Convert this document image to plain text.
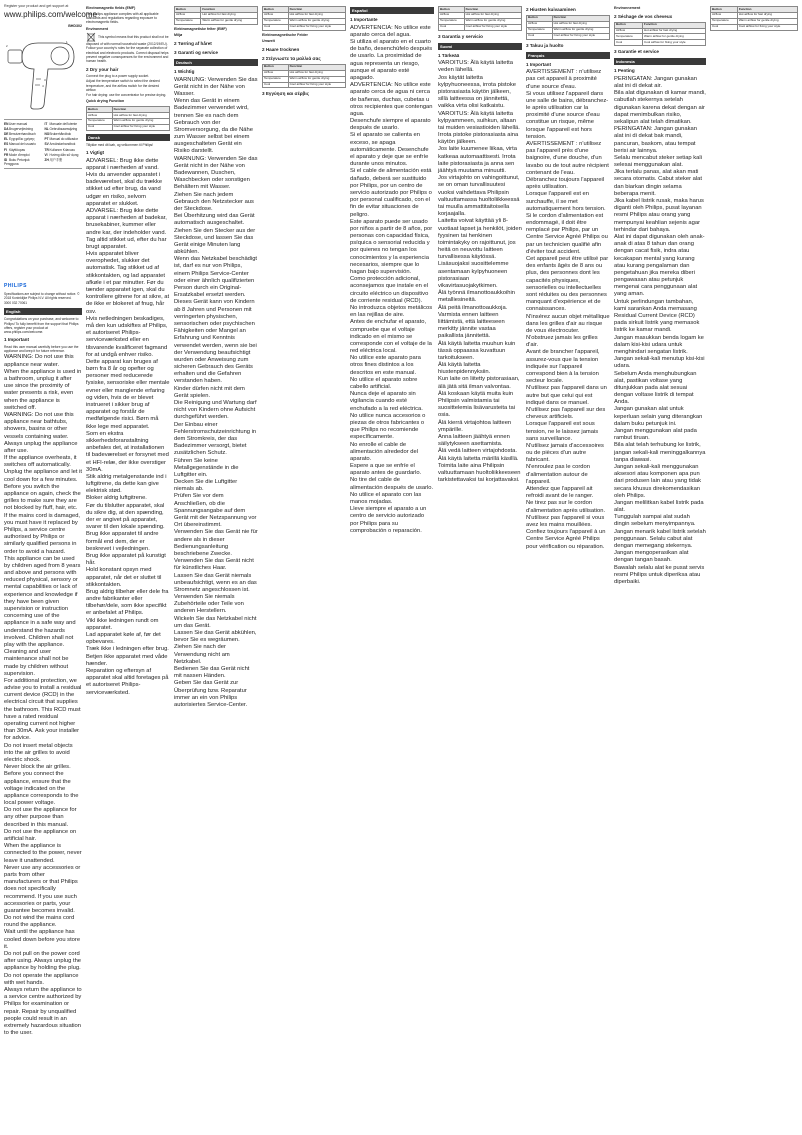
Register your product and get support at
www.philips.com/welcome
BHD302
1
2
3
4
ENUser manual	IT Manuale dell'utente
DABrugervejledning	NLGebruiksaanwijzing
DEBenutzerhandbuch	NOBrukerhåndbok
ELΕγχειρίδιο χρήσης	PTManual do utilizador
ESManual del usuario	SVAnvändarhandbok
FI Käyttöopas	TRKullanım Kılavuzu
FRMode d'emploi	VI Hướng dẫn sử dụng
ID Buku Petunjuk Pengguna
ZH用户手册
PHILIPS

Specifications are subject to change without notice. © 2018 Koninklijke Philips N.V. All rights reserved.

3000 032 70061

English

Congratulations on your purchase, and welcome to Philips! To fully benefit from the support that Philips offers, register your product at www.philips.com/welcome.

1 Important

Read this user manual carefully before you use the appliance and keep it for future reference.

WARNING: Do not use this appliance near water.

When the appliance is used in a bathroom, unplug it after use since the proximity of water presents a risk, even when the appliance is switched off.

WARNING: Do not use this appliance near bathtubs, showers, basins or other vessels containing water.

Always unplug the appliance after use.

If the appliance overheats, it switches off automatically. Unplug the appliance and let it cool down for a few minutes. Before you switch the appliance on again, check the grilles to make sure they are not blocked by fluff, hair, etc.

If the mains cord is damaged, you must have it replaced by Philips, a service centre authorised by Philips or similarly qualified persons in order to avoid a hazard.

This appliance can be used by children aged from 8 years and above and persons with reduced physical, sensory or mental capabilities or lack of experience and knowledge if they have been given supervision or instruction concerning use of the appliance in a safe way and understand the hazards involved. Children shall not play with the appliance. Cleaning and user maintenance shall not be made by children without supervision.

For additional protection, we advise you to install a residual current device (RCD) in the electrical circuit that supplies the bathroom. This RCD must have a rated residual operating current not higher than 30mA. Ask your installer for advice.

Do not insert metal objects into the air grilles to avoid electric shock.

Never block the air grilles.

Before you connect the appliance, ensure that the voltage indicated on the appliance corresponds to the local power voltage.

Do not use the appliance for any other purpose than described in this manual.

Do not use the appliance on artificial hair.

When the appliance is connected to the power, never leave it unattended.

Never use any accessories or parts from other manufacturers or that Philips does not specifically recommend. If you use such accessories or parts, your guarantee becomes invalid.

Do not wind the mains cord round the appliance.

Wait until the appliance has cooled down before you store it.

Do not pull on the power cord after using. Always unplug the appliance by holding the plug.

Do not operate the appliance with wet hands.

Always return the appliance to a service centre authorized by Philips for examination or repair. Repair by unqualified people could result in an extremely hazardous situation to the user.

Electromagnetic fields (EMF)

This Philips appliance complies with all applicable standards and regulations regarding exposure to electromagnetic fields.

Environment

This symbol means that this product shall not be disposed of with normal household waste (2012/19/EU). Follow your country's rules for the separate collection of electrical and electronic products. Correct disposal helps prevent negative consequences for the environment and human health.

2 Dry your hair

Connect the plug to a power supply socket.

Adjust the temperature switch to select the desired temperature, and the airflow switch for the desired airflow.

For hair drying: use the concentrator for precise drying.

Quick drying Function
Button	Function
Airflow	Hot airflow for fast drying
Temperature	Warm airflow for gentle drying
Cool	Cool airflow for fixing your style
Dansk

Tillykke med dit køb, og velkommen til Philips!

1 Vigtigt

ADVARSEL: Brug ikke dette apparat i nærheden af vand.

Hvis du anvender apparatet i badeværelset, skal du trække stikket ud efter brug, da vand udgør en risiko, selvom apparatet er slukket.

ADVARSEL: Brug ikke dette apparat i nærheden af badekar, brusekabiner, kummer eller andre kar, der indeholder vand.

Tag altid stikket ud, efter du har brugt apparatet.

Hvis apparatet bliver overophedet, slukker det automatisk. Tag stikket ud af stikkontakten, og lad apparatet afkøle i et par minutter. Før du tænder apparatet igen, skal du kontrollere gitrene for at sikre, at de ikke er blokeret af fnug, hår osv.

Hvis netledningen beskadiges, må den kun udskiftes af Philips, et autoriseret Philips-serviceværksted eller en tilsvarende kvalificeret fagmand for at undgå enhver risiko.

Dette apparat kan bruges af børn fra 8 år og opefter og personer med reducerede fysiske, sensoriske eller mentale evner eller manglende erfaring og viden, hvis de er blevet instrueret i sikker brug af apparatet og forstår de medfølgende risici. Børn må ikke lege med apparatet.

Som en ekstra sikkerhedsforanstaltning anbefales det, at installationen til badeværelset er forsynet med et HFI-relæ, der ikke overstiger 30mA.

Stik aldrig metalgenstande ind i luftgitrene, da dette kan give elektrisk stød.

Bloker aldrig luftgitrene.

Før du tilslutter apparatet, skal du sikre dig, at den spænding, der er angivet på apparatet, svarer til den lokale spænding.

Brug ikke apparatet til andre formål end dem, der er beskrevet i vejledningen.

Brug ikke apparatet på kunstigt hår.

Hold konstant opsyn med apparatet, når det er sluttet til stikkontakten.

Brug aldrig tilbehør eller dele fra andre fabrikanter eller tilbehør/dele, som ikke specifikt er anbefalet af Philips.

Vikl ikke ledningen rundt om apparatet.

Lad apparatet køle af, før det opbevares.

Træk ikke i ledningen efter brug.

Betjen ikke apparatet med våde hænder.

Reparation og eftersyn af apparatet skal altid foretages på et autoriseret Philips-serviceværksted.

Button	Function
Airflow	Hot airflow for fast drying
Temperature	Warm airflow for gentle drying
Elektromagnetiske felter (EMF)
Miljø
2 Tørring af håret
3 Garanti og service
Deutsch
1 Wichtig

WARNUNG: Verwenden Sie das Gerät nicht in der Nähe von Wasser.

Wenn das Gerät in einem Badezimmer verwendet wird, trennen Sie es nach dem Gebrauch von der Stromversorgung, da die Nähe zum Wasser selbst bei einem ausgeschalteten Gerät ein Risiko darstellt.

WARNUNG: Verwenden Sie das Gerät nicht in der Nähe von Badewannen, Duschen, Waschbecken oder sonstigen Behältern mit Wasser.

Ziehen Sie nach jedem Gebrauch den Netzstecker aus der Steckdose.

Bei Überhitzung wird das Gerät automatisch ausgeschaltet. Ziehen Sie den Stecker aus der Steckdose, und lassen Sie das Gerät einige Minuten lang abkühlen.

Wenn das Netzkabel beschädigt ist, darf es nur von Philips, einem Philips Service-Center oder einer ähnlich qualifizierten Person durch ein Original-Ersatzkabel ersetzt werden.

Dieses Gerät kann von Kindern ab 8 Jahren und Personen mit verringerten physischen, sensorischen oder psychischen Fähigkeiten oder Mangel an Erfahrung und Kenntnis verwendet werden, wenn sie bei der Verwendung beaufsichtigt wurden oder Anweisung zum sicheren Gebrauch des Geräts erhalten und die Gefahren verstanden haben.

Kinder dürfen nicht mit dem Gerät spielen.

Die Reinigung und Wartung darf nicht von Kindern ohne Aufsicht durchgeführt werden.

Der Einbau einer Fehlerstromschutzeinrichtung in dem Stromkreis, der das Badezimmer versorgt, bietet zusätzlichen Schutz.

Führen Sie keine Metallgegenstände in die Luftgitter ein.

Decken Sie die Luftgitter niemals ab.

Prüfen Sie vor dem Anschließen, ob die Spannungsangabe auf dem Gerät mit der Netzspannung vor Ort übereinstimmt.

Verwenden Sie das Gerät nie für andere als in dieser Bedienungsanleitung beschriebene Zwecke.

Verwenden Sie das Gerät nicht für künstliches Haar.

Lassen Sie das Gerät niemals unbeaufsichtigt, wenn es an das Stromnetz angeschlossen ist.

Verwenden Sie niemals Zubehörteile oder Teile von anderen Herstellern.

Wickeln Sie das Netzkabel nicht um das Gerät.

Lassen Sie das Gerät abkühlen, bevor Sie es wegräumen.

Ziehen Sie nach der Verwendung nicht am Netzkabel.

Bedienen Sie das Gerät nicht mit nassen Händen.

Geben Sie das Gerät zur Überprüfung bzw. Reparatur immer an ein von Philips autorisiertes Service-Center.

Button	Function
Airflow	Hot airflow for fast drying
Temperature	Warm airflow for gentle drying
Cool	Cool airflow for fixing your style
Elektromagnetische Felder
Umwelt
2 Haare trocknen
2 Στέγνωστε τα μαλλιά σας
Button	Function
Airflow	Hot airflow for fast drying
Temperature	Warm airflow for gentle drying
Cool	Cool airflow for fixing your style
3 Εγγύηση και σέρβις
Español
1 Importante

ADVERTENCIA: No utilice este aparato cerca del agua.

Si utiliza el aparato en el cuarto de baño, desenchúfelo después de usarlo. La proximidad de agua representa un riesgo, aunque el aparato esté apagado.

ADVERTENCIA: No utilice este aparato cerca de agua ni cerca de bañeras, duchas, cubetas u otros recipientes que contengan agua.

Desenchufe siempre el aparato después de usarlo.

Si el aparato se calienta en exceso, se apaga automáticamente. Desenchufe el aparato y deje que se enfríe durante unos minutos.

Si el cable de alimentación está dañado, deberá ser sustituido por Philips, por un centro de servicio autorizado por Philips o por personal cualificado, con el fin de evitar situaciones de peligro.

Este aparato puede ser usado por niños a partir de 8 años, por personas con capacidad física, psíquica o sensorial reducida y por quienes no tengan los conocimientos y la experiencia necesarios, siempre que lo hagan bajo supervisión.

Como protección adicional, aconsejamos que instale en el circuito eléctrico un dispositivo de corriente residual (RCD).

No introduzca objetos metálicos en las rejillas de aire.

Antes de enchufar el aparato, compruebe que el voltaje indicado en el mismo se corresponde con el voltaje de la red eléctrica local.

No utilice este aparato para otros fines distintos a los descritos en este manual.

No utilice el aparato sobre cabello artificial.

Nunca deje el aparato sin vigilancia cuando esté enchufado a la red eléctrica.

No utilice nunca accesorios o piezas de otros fabricantes o que Philips no recomiende específicamente.

No enrolle el cable de alimentación alrededor del aparato.

Espere a que se enfríe el aparato antes de guardarlo.

No tire del cable de alimentación después de usarlo.

No utilice el aparato con las manos mojadas.

Lleve siempre el aparato a un centro de servicio autorizado por Philips para su comprobación o reparación.

Button	Function
Airflow	Hot airflow for fast drying
Temperature	Warm airflow for gentle drying
Cool	Cool airflow for fixing your style
3 Garantía y servicio
Suomi
1 Tärkeää

VAROITUS: Älä käytä laitetta veden lähellä.

Jos käytät laitetta kylpyhuoneessa, irrota pistoke pistorasiasta käytön jälkeen, sillä laitteessa on jännitettä, vaikka virta olisi katkaistu.

VAROITUS: Älä käytä laitetta kylpyammeen, suihkun, altaan tai muiden vesiastioiden lähellä.

Irrota pistoke pistorasiasta aina käytön jälkeen.

Jos laite kuumenee liikaa, virta katkeaa automaattisesti. Irrota laite pistorasiasta ja anna sen jäähtyä muutama minuutti.

Jos virtajohto on vahingoittunut, se on oman turvallisuutesi vuoksi vaihdettava Philipsin valtuuttamassa huoltoliikkeessä tai muulla ammattitaitoisella korjaajalla.

Laitetta voivat käyttää yli 8-vuotiaat lapset ja henkilöt, joiden fyysinen tai henkinen toimintakyky on rajoittunut, jos heitä on neuvottu laitteen turvallisessa käytössä.

Lisäsuojaksi suosittelemme asentamaan kylpyhuoneen pistorasiaan vikavirtasuojakytkimen.

Älä työnnä ilmanottoaukkoihin metalliesineitä.

Älä peitä ilmanottoaukkoja.

Varmista ennen laitteen liittämistä, että laitteeseen merkitty jännite vastaa paikallista jännitettä.

Älä käytä laitetta muuhun kuin tässä oppaassa kuvattuun tarkoitukseen.

Älä käytä laitetta hiustenpidennyksiin.

Kun laite on liitetty pistorasiaan, älä jätä sitä ilman valvontaa.

Älä koskaan käytä muita kuin Philipsin valmistamia tai suosittelemia lisävarusteita tai osia.

Älä kierrä virtajohtoa laitteen ympärille.

Anna laitteen jäähtyä ennen säilytykseen asettamista.

Älä vedä laitteen virtajohdosta.

Älä käytä laitetta märillä käsillä.

Toimita laite aina Philipsin valtuuttamaan huoltoliikkeeseen tarkistettavaksi tai korjattavaksi.

2 Hiusten kuivaaminen
Button	Function
Airflow	Hot airflow for fast drying
Temperature	Warm airflow for gentle drying
Cool	Cool airflow for fixing your style
3 Takuu ja huolto
Français
1 Important

AVERTISSEMENT : n'utilisez pas cet appareil à proximité d'une source d'eau.

Si vous utilisez l'appareil dans une salle de bains, débranchez-le après utilisation car la proximité d'une source d'eau constitue un risque, même lorsque l'appareil est hors tension.

AVERTISSEMENT : n'utilisez pas l'appareil près d'une baignoire, d'une douche, d'un lavabo ou de tout autre récipient contenant de l'eau.

Débranchez toujours l'appareil après utilisation.

Lorsque l'appareil est en surchauffe, il se met automatiquement hors tension.

Si le cordon d'alimentation est endommagé, il doit être remplacé par Philips, par un Centre Service Agréé Philips ou par un technicien qualifié afin d'éviter tout accident.

Cet appareil peut être utilisé par des enfants âgés de 8 ans ou plus, des personnes dont les capacités physiques, sensorielles ou intellectuelles sont réduites ou des personnes manquant d'expérience et de connaissances.

N'insérez aucun objet métallique dans les grilles d'air au risque de vous électrocuter.

N'obstruez jamais les grilles d'air.

Avant de brancher l'appareil, assurez-vous que la tension indiquée sur l'appareil correspond bien à la tension secteur locale.

N'utilisez pas l'appareil dans un autre but que celui qui est indiqué dans ce manuel.

N'utilisez pas l'appareil sur des cheveux artificiels.

Lorsque l'appareil est sous tension, ne le laissez jamais sans surveillance.

N'utilisez jamais d'accessoires ou de pièces d'un autre fabricant.

N'enroulez pas le cordon d'alimentation autour de l'appareil.

Attendez que l'appareil ait refroidi avant de le ranger.

Ne tirez pas sur le cordon d'alimentation après utilisation.

N'utilisez pas l'appareil si vous avez les mains mouillées.

Confiez toujours l'appareil à un Centre Service Agréé Philips pour vérification ou réparation.

Environnement
2 Séchage de vos cheveux
Button	Function
Airflow	Hot airflow for fast drying
Temperature	Warm airflow for gentle drying
Cool	Cool airflow for fixing your style
3 Garantie et service
Indonesia
1 Penting

PERINGATAN: Jangan gunakan alat ini di dekat air.

Bila alat digunakan di kamar mandi, cabutlah stekernya setelah digunakan karena dekat dengan air dapat menimbulkan risiko, sekalipun alat telah dimatikan.

PERINGATAN: Jangan gunakan alat ini di dekat bak mandi, pancuran, baskom, atau tempat berisi air lainnya.

Selalu mencabut steker setiap kali selesai menggunakan alat.

Jika terlalu panas, alat akan mati secara otomatis. Cabut steker alat dan biarkan dingin selama beberapa menit.

Jika kabel listrik rusak, maka harus diganti oleh Philips, pusat layanan resmi Philips atau orang yang mempunyai keahlian sejenis agar terhindar dari bahaya.

Alat ini dapat digunakan oleh anak-anak di atas 8 tahun dan orang dengan cacat fisik, indra atau kecakapan mental yang kurang atau kurang pengalaman dan pengetahuan jika mereka diberi pengawasan atau petunjuk mengenai cara penggunaan alat yang aman.

Untuk perlindungan tambahan, kami sarankan Anda memasang Residual Current Device (RCD) pada sirkuit listrik yang memasok listrik ke kamar mandi.

Jangan masukkan benda logam ke dalam kisi-kisi udara untuk menghindari sengatan listrik.

Jangan sekali-kali menutup kisi-kisi udara.

Sebelum Anda menghubungkan alat, pastikan voltase yang ditunjukkan pada alat sesuai dengan voltase listrik di tempat Anda.

Jangan gunakan alat untuk keperluan selain yang diterangkan dalam buku petunjuk ini.

Jangan menggunakan alat pada rambut tiruan.

Bila alat telah terhubung ke listrik, jangan sekali-kali meninggalkannya tanpa diawasi.

Jangan sekali-kali menggunakan aksesori atau komponen apa pun dari produsen lain atau yang tidak secara khusus direkomendasikan oleh Philips.

Jangan melilitkan kabel listrik pada alat.

Tunggulah sampai alat sudah dingin sebelum menyimpannya.

Jangan menarik kabel listrik setelah penggunaan. Selalu cabut alat dengan memegang stekernya.

Jangan mengoperasikan alat dengan tangan basah.

Bawalah selalu alat ke pusat servis resmi Philips untuk diperiksa atau diperbaiki.

Button	Function
Airflow	Hot airflow for fast drying
Temperature	Warm airflow for gentle drying
Cool	Cool airflow for fixing your style
